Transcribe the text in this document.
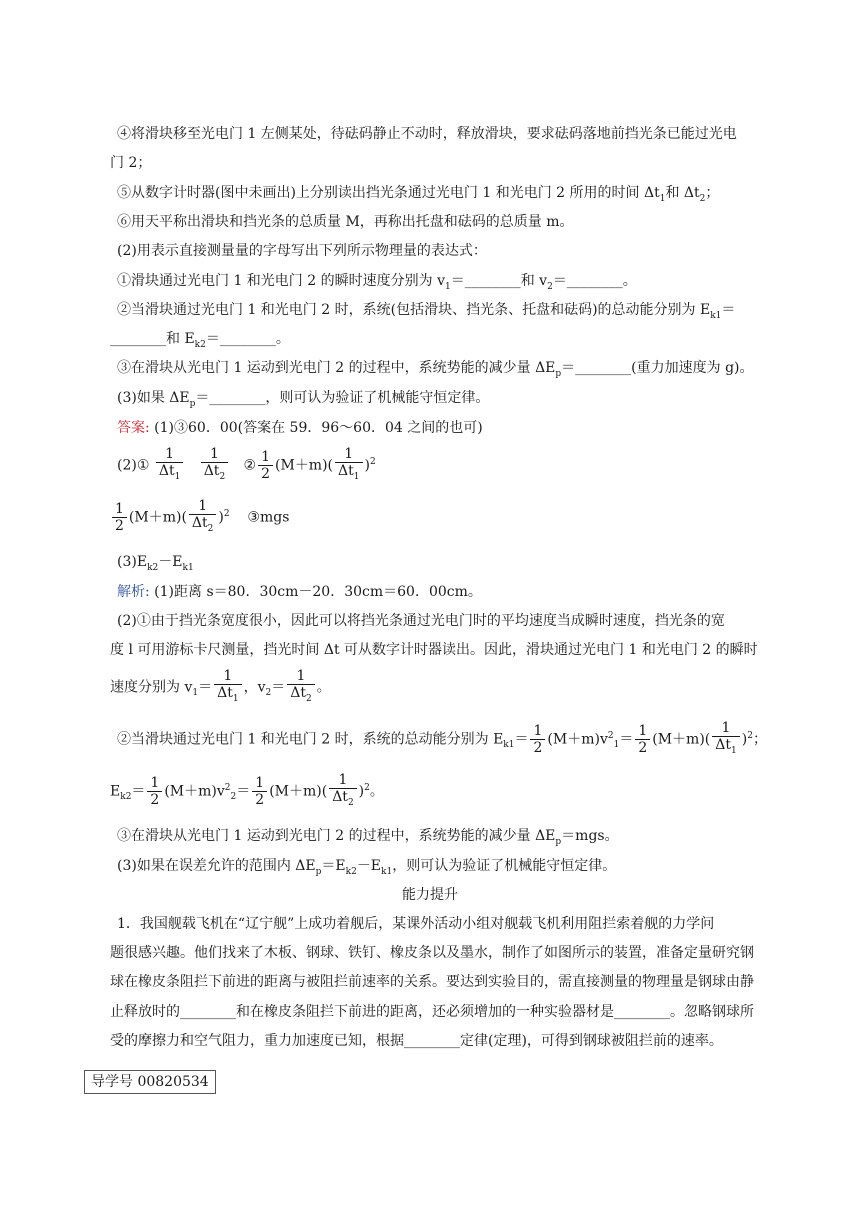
④将滑块移至光电门 1 左侧某处，待砝码静止不动时，释放滑块，要求砝码落地前挡光条已能过光电
门 2；
⑤从数字计时器(图中未画出)上分别读出挡光条通过光电门 1 和光电门 2 所用的时间 $\Delta t_1$和 $\Delta t_2$；
⑥用天平称出滑块和挡光条的总质量 M，再称出托盘和砝码的总质量 m。
(2)用表示直接测量量的字母写出下列所示物理量的表达式：
①滑块通过光电门 1 和光电门 2 的瞬时速度分别为 $v_1=\_\_\_\_\_\_\_\_$和 $v_2=\_\_\_\_\_\_\_\_$。
②当滑块通过光电门 1 和光电门 2 时，系统(包括滑块、挡光条、托盘和砝码)的总动能分别为 $E_{k1}=$
________和 $E_{k2}=\_\_\_\_\_\_\_\_$。
③在滑块从光电门 1 运动到光电门 2 的过程中，系统势能的减少量 $\Delta E_p=\_\_\_\_\_\_\_\_$(重力加速度为 g)。
(3)如果 $\Delta E_p=\_\_\_\_\_\_\_\_$，则可认为验证了机械能守恒定律。
答案: (1)③60．00(答案在 59．96～60．04 之间的也可)
(2)① $\frac{1}{\Delta t_1}$
$\frac{1}{\Delta t_2}$ ② $\frac{1}{2} (M+m)( \frac{1}{\Delta t_1} )^2$
$\frac{1}{2} (M+m)( \frac{1}{\Delta t_2} )^2$ ③mgs
$(3)E_{k2}-E_{k1}$
解析: (1)距离 s＝80．30cm－20．30cm＝60．00cm。
(2)①由于挡光条宽度很小，因此可以将挡光条通过光电门时的平均速度当成瞬时速度，挡光条的宽
度 l 可用游标卡尺测量，挡光时间 Δt 可从数字计时器读出。因此，滑块通过光电门 1 和光电门 2 的瞬时
速度分别为 $v_1= \frac{1}{\Delta t_1}$ ，$v_2= \frac{1}{\Delta t_2}$ 。
②当滑块通过光电门 1 和光电门 2 时，系统的总动能分别为 $E_{k1}= \frac{1}{2} (M+m)v^2_1= \frac{1}{2} (M+m)( \frac{1}{\Delta t_1} )^2$；
$E_{k2}= \frac{1}{2} (M+m)v^2_2= \frac{1}{2} (M+m)( \frac{1}{\Delta t_2} )^2$。
③在滑块从光电门 1 运动到光电门 2 的过程中，系统势能的减少量 $\Delta E_p=mgs$。
(3)如果在误差允许的范围内 $\Delta E_p=E_{k2}-E_{k1}$，则可认为验证了机械能守恒定律。
能力提升
1．我国舰载飞机在“辽宁舰”上成功着舰后，某课外活动小组对舰载飞机利用阻拦索着舰的力学问
题很感兴趣。他们找来了木板、钢球、铁钉、橡皮条以及墨水，制作了如图所示的装置，准备定量研究钢
球在橡皮条阻拦下前进的距离与被阻拦前速率的关系。要达到实验目的，需直接测量的物理量是钢球由静
止释放时的________和在橡皮条阻拦下前进的距离，还必须增加的一种实验器材是________。忽略钢球所
受的摩擦力和空气阻力，重力加速度已知，根据________定律(定理)，可得到钢球被阻拦前的速率。
导学号 00820534
